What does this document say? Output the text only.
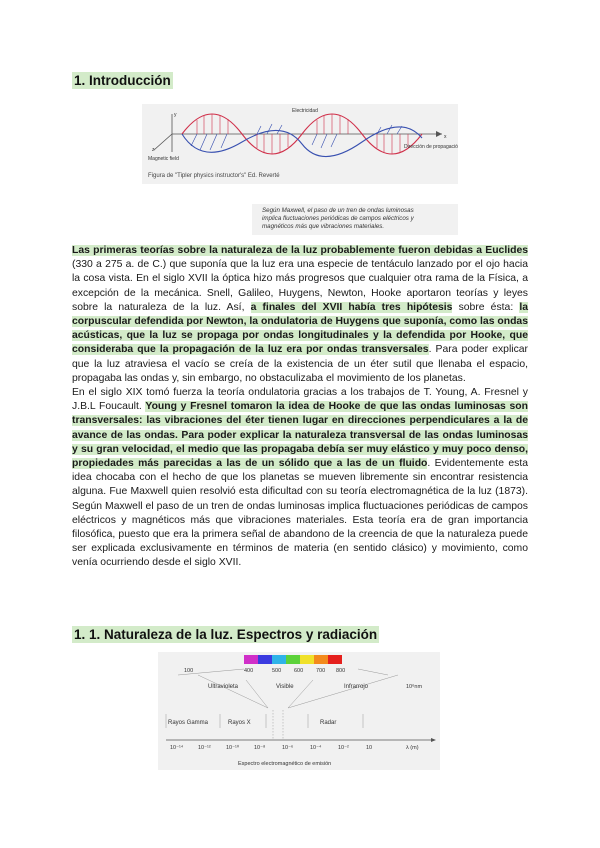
1. Introducción
y
z
x
Electricidad
Magnetic field
Dirección de propagación
Figura de "Tipler physics instructor's" Ed. Reverté
Según Maxwell, el paso de un tren de ondas luminosas
implica fluctuaciones periódicas de campos eléctricos y
magnéticos más que vibraciones materiales.

Las primeras teorías sobre la naturaleza de la luz probablemente fueron debidas a Euclides (330 a 275 a. de C.) que suponía que la luz era una especie de tentáculo lanzado por el ojo hacia la cosa vista. En el siglo XVII la óptica hizo más progresos que cualquier otra rama de la Física, a excepción de la mecánica. Snell, Galileo, Huygens, Newton, Hooke aportaron teorías y leyes sobre la naturaleza de la luz. Así, a finales del XVII había tres hipótesis sobre ésta: la corpuscular defendida por Newton, la ondulatoria de Huygens que suponía, como las ondas acústicas, que la luz se propaga por ondas longitudinales y la defendida por Hooke, que consideraba que la propagación de la luz era por ondas transversales. Para poder explicar que la luz atraviesa el vacío se creía de la existencia de un éter sutil que llenaba el espacio, propagaba las ondas y, sin embargo, no obstaculizaba el movimiento de los planetas.

En el siglo XIX tomó fuerza la teoría ondulatoria gracias a los trabajos de T. Young, A. Fresnel y J.B.L Foucault. Young y Fresnel tomaron la idea de Hooke de que las ondas luminosas son transversales: las vibraciones del éter tienen lugar en direcciones perpendiculares a la de avance de las ondas. Para poder explicar la naturaleza transversal de las ondas luminosas y su gran velocidad, el medio que las propagaba debía ser muy elástico y muy poco denso, propiedades más parecidas a las de un sólido que a las de un fluido. Evidentemente esta idea chocaba con el hecho de que los planetas se mueven libremente sin encontrar resistencia alguna. Fue Maxwell quien resolvió esta dificultad con su teoría electromagnética de la luz (1873). Según Maxwell el paso de un tren de ondas luminosas implica fluctuaciones periódicas de campos eléctricos y magnéticos más que vibraciones materiales. Esta teoría era de gran importancia filosófica, puesto que era la primera señal de abandono de la creencia de que la naturaleza puede ser explicada exclusivamente en términos de materia (en sentido clásico) y movimiento, como venía ocurriendo desde el siglo XVII.

1. 1. Naturaleza de la luz. Espectros y radiación
100	400	500 600 700 800
Ultravioleta	Visible	Infrarrojo	10⁶nm
Rayos Gamma	Rayos X	Radar
10⁻¹⁴	10⁻¹²	10⁻¹⁰	10⁻⁸	10⁻⁶	10⁻⁴	10⁻²	10	λ (m)
Espectro electromagnético de emisión
